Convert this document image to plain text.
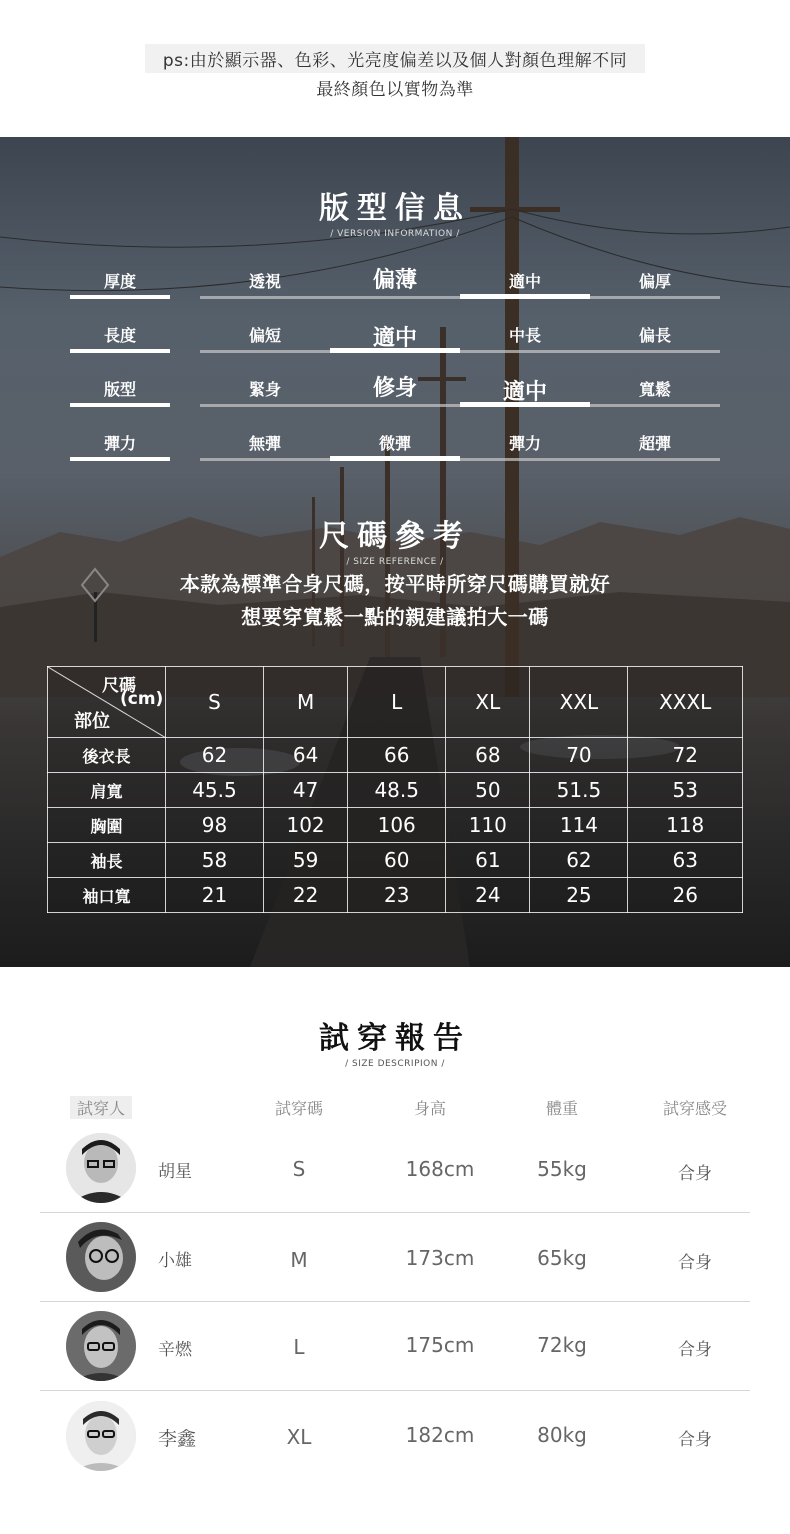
ps:由於顯示器、色彩、光亮度偏差以及個人對顏色理解不同
最終顏色以實物為準
版型信息
/ VERSION INFORMATION /
厚度	透視	偏薄	適中	偏厚
長度	偏短	適中	中長	偏長
版型	緊身	修身	適中	寬鬆
彈力	無彈	微彈	彈力	超彈
尺碼參考
/ SIZE REFERENCE /
本款為標準合身尺碼，按平時所穿尺碼購買就好
想要穿寬鬆一點的親建議拍大一碼
尺碼
(cm)
部位	S	M	L	XL	XXL	XXXL
後衣長	62	64	66	68	70	72
肩寬	45.5	47	48.5	50	51.5	53
胸圍	98	102	106	110	114	118
袖長	58	59	60	61	62	63
袖口寬	21	22	23	24	25	26
試穿報告
/ SIZE DESCRIPION /
試穿人	試穿碼	身高	體重	試穿感受
胡星	S	168cm	55kg	合身
小雄	M	173cm	65kg	合身
辛燃	L	175cm	72kg	合身
李鑫	XL	182cm	80kg	合身
